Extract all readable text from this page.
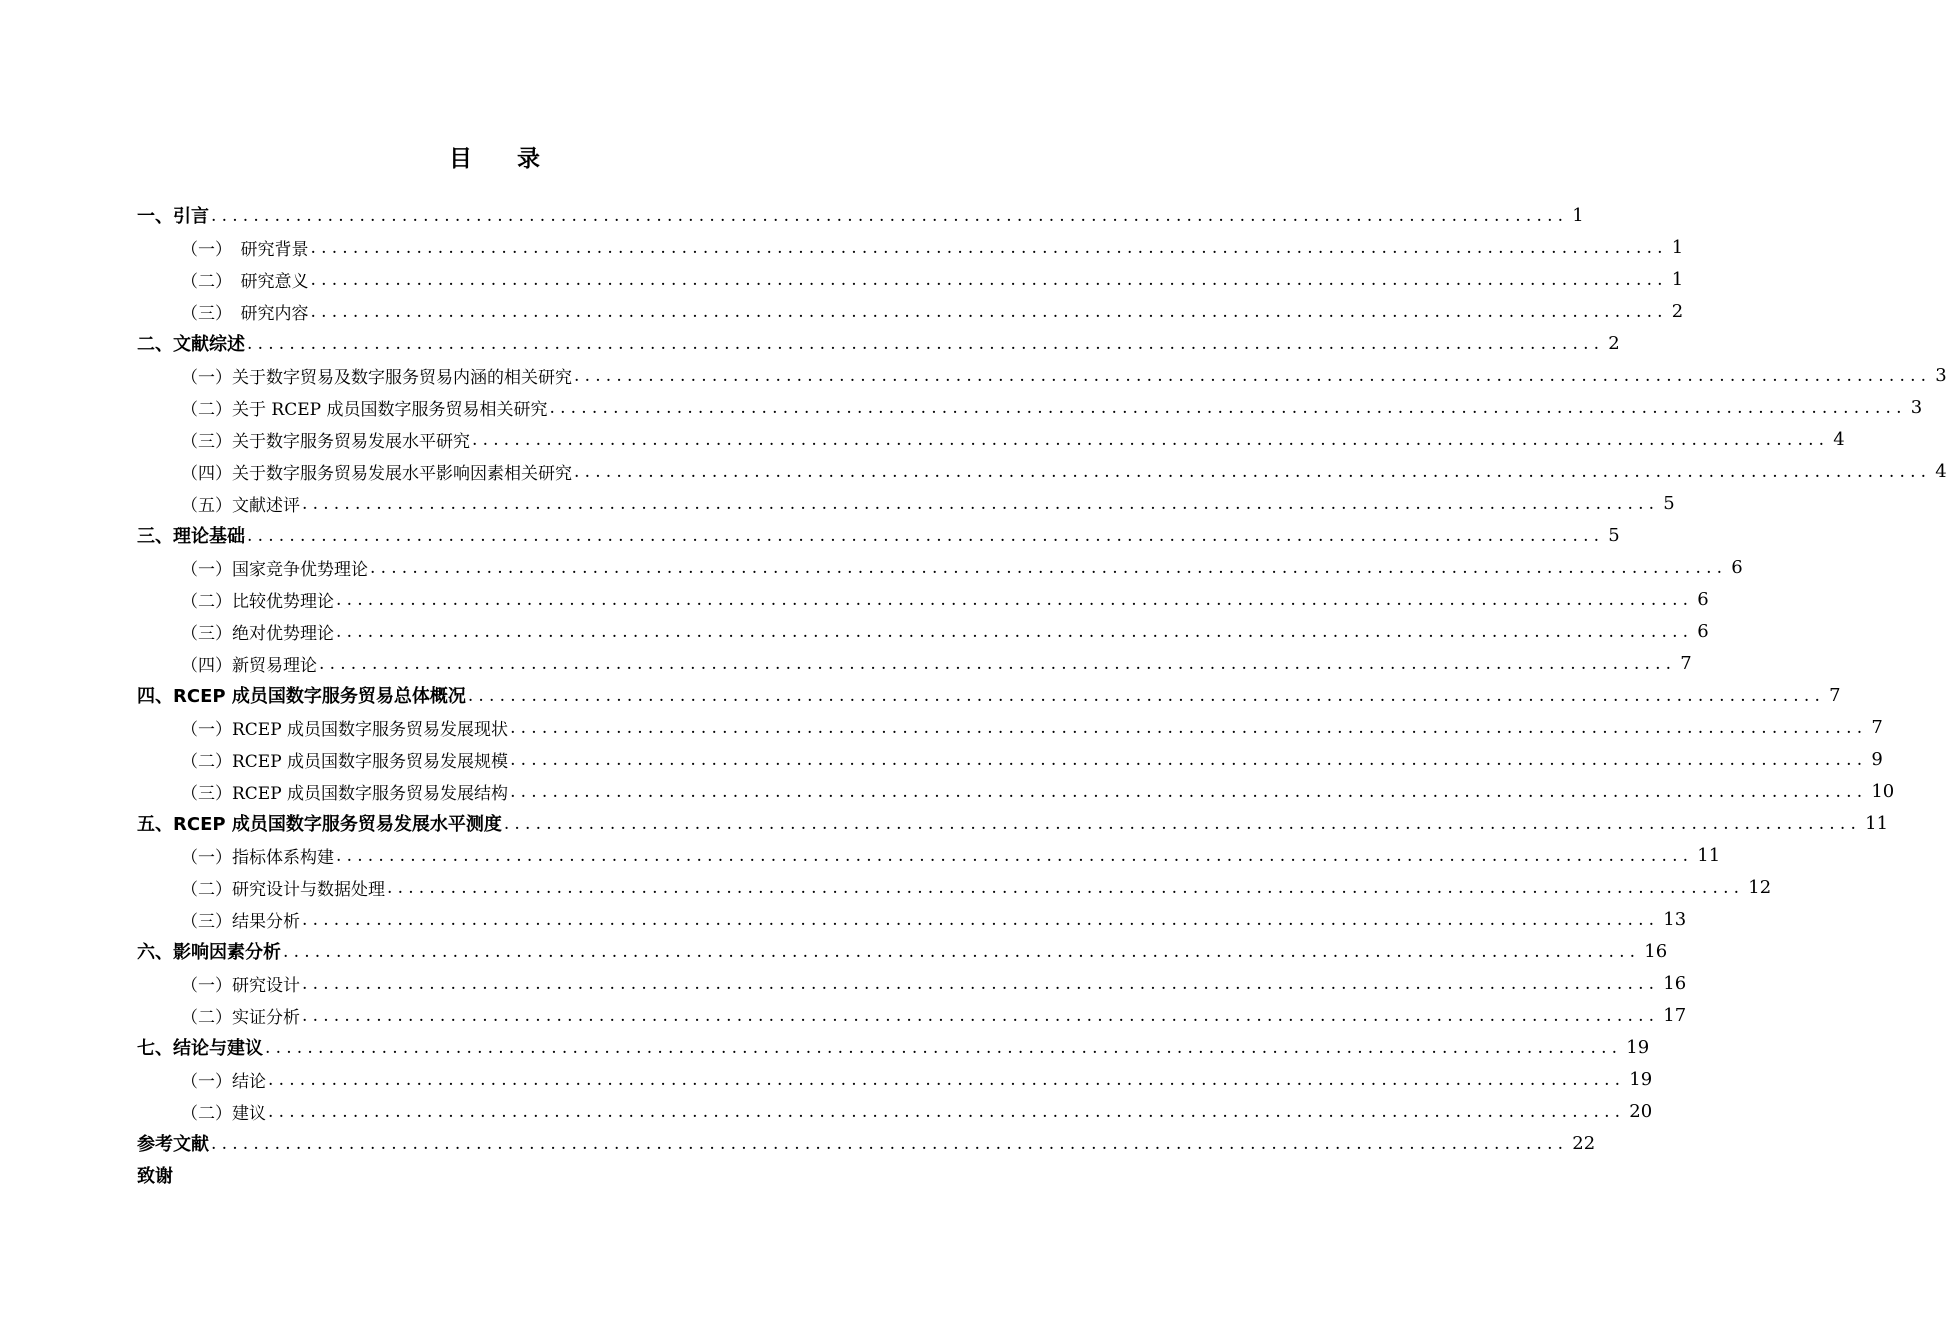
目 录
一、引言 ................................................................................................................................ 1
（一）　研究背景 ................................................................................................................................ 1
（二）　研究意义 ................................................................................................................................ 1
（三）　研究内容 ................................................................................................................................ 2
二、文献综述 ................................................................................................................................ 2
（一）关于数字贸易及数字服务贸易内涵的相关研究 ................................................................................................................................ 3
（二）关于 RCEP 成员国数字服务贸易相关研究 ................................................................................................................................ 3
（三）关于数字服务贸易发展水平研究 ................................................................................................................................ 4
（四）关于数字服务贸易发展水平影响因素相关研究 ................................................................................................................................ 4
（五）文献述评 ................................................................................................................................ 5
三、理论基础 ................................................................................................................................ 5
（一）国家竞争优势理论 ................................................................................................................................ 6
（二）比较优势理论 ................................................................................................................................ 6
（三）绝对优势理论 ................................................................................................................................ 6
（四）新贸易理论 ................................................................................................................................ 7
四、RCEP 成员国数字服务贸易总体概况 ................................................................................................................................ 7
（一）RCEP 成员国数字服务贸易发展现状 ................................................................................................................................ 7
（二）RCEP 成员国数字服务贸易发展规模 ................................................................................................................................ 9
（三）RCEP 成员国数字服务贸易发展结构 ................................................................................................................................ 10
五、RCEP 成员国数字服务贸易发展水平测度 ................................................................................................................................ 11
（一）指标体系构建 ................................................................................................................................ 11
（二）研究设计与数据处理 ................................................................................................................................ 12
（三）结果分析 ................................................................................................................................ 13
六、影响因素分析 ................................................................................................................................ 16
（一）研究设计 ................................................................................................................................ 16
（二）实证分析 ................................................................................................................................ 17
七、结论与建议 ................................................................................................................................ 19
（一）结论 ................................................................................................................................ 19
（二）建议 ................................................................................................................................ 20
参考文献 ................................................................................................................................ 22
致谢
